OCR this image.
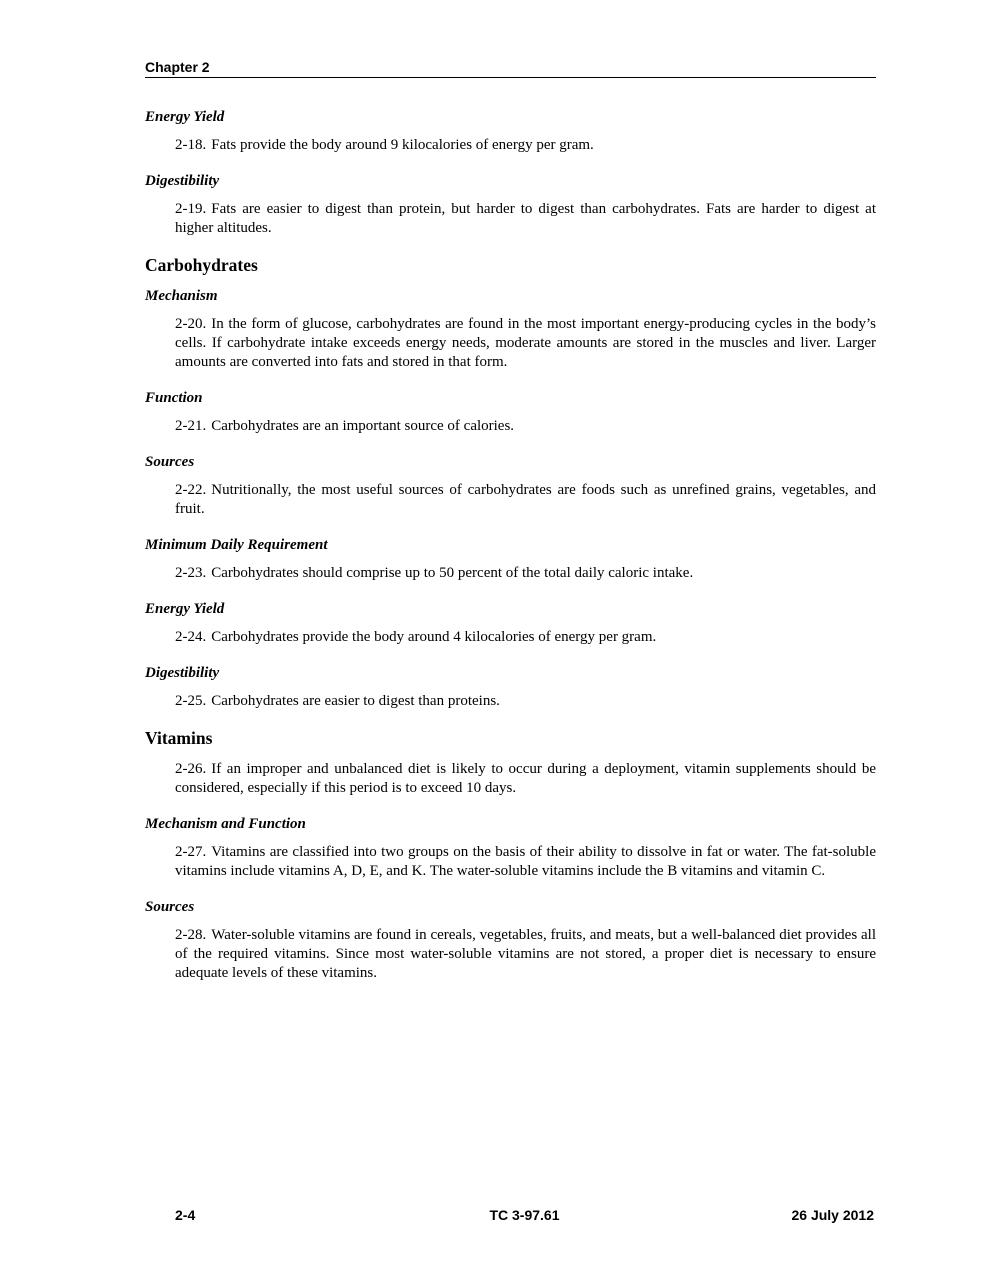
Chapter 2
Energy Yield

2-18. Fats provide the body around 9 kilocalories of energy per gram.

Digestibility

2-19. Fats are easier to digest than protein, but harder to digest than carbohydrates. Fats are harder to digest at higher altitudes.

Carbohydrates
Mechanism

2-20. In the form of glucose, carbohydrates are found in the most important energy-producing cycles in the body’s cells. If carbohydrate intake exceeds energy needs, moderate amounts are stored in the muscles and liver. Larger amounts are converted into fats and stored in that form.

Function

2-21. Carbohydrates are an important source of calories.

Sources

2-22. Nutritionally, the most useful sources of carbohydrates are foods such as unrefined grains, vegetables, and fruit.

Minimum Daily Requirement

2-23. Carbohydrates should comprise up to 50 percent of the total daily caloric intake.

Energy Yield

2-24. Carbohydrates provide the body around 4 kilocalories of energy per gram.

Digestibility

2-25. Carbohydrates are easier to digest than proteins.

Vitamins

2-26. If an improper and unbalanced diet is likely to occur during a deployment, vitamin supplements should be considered, especially if this period is to exceed 10 days.

Mechanism and Function

2-27. Vitamins are classified into two groups on the basis of their ability to dissolve in fat or water. The fat-soluble vitamins include vitamins A, D, E, and K. The water-soluble vitamins include the B vitamins and vitamin C.

Sources

2-28. Water-soluble vitamins are found in cereals, vegetables, fruits, and meats, but a well-balanced diet provides all of the required vitamins. Since most water-soluble vitamins are not stored, a proper diet is necessary to ensure adequate levels of these vitamins.

2-4	TC 3-97.61	26 July 2012
